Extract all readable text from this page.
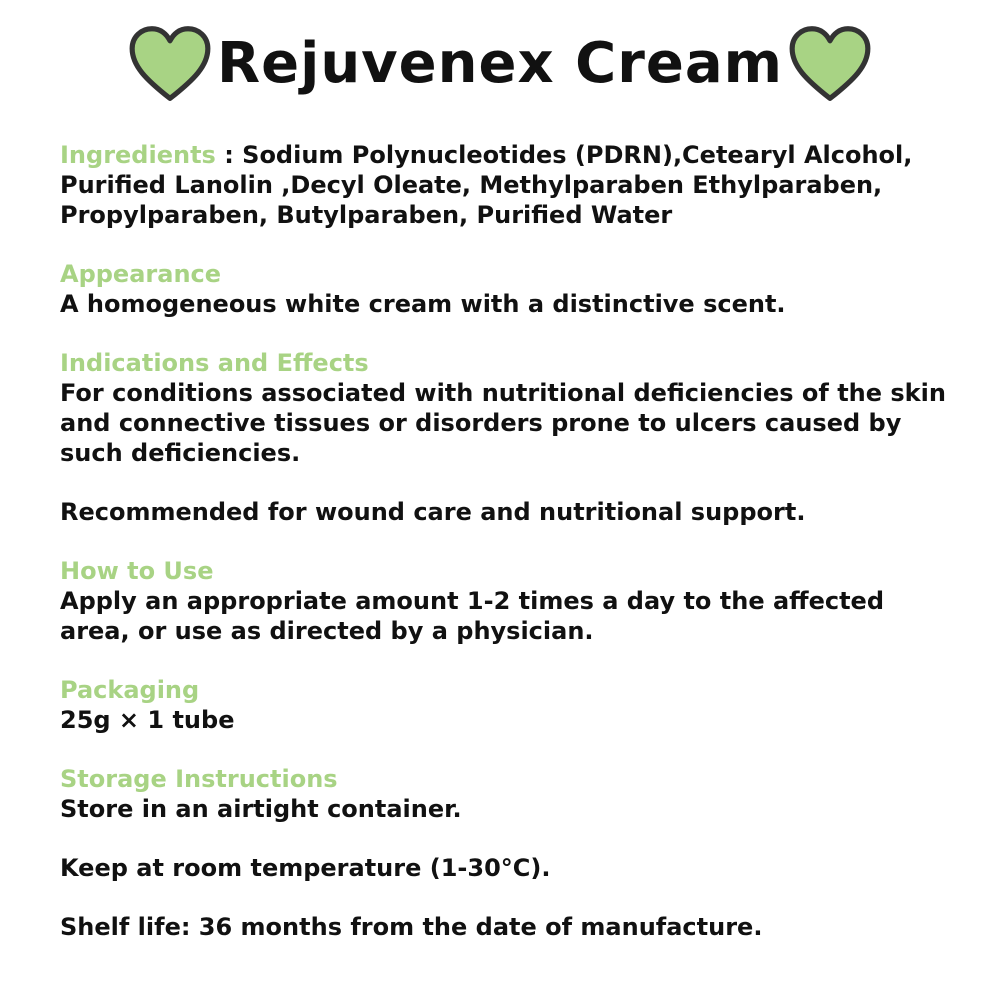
Rejuvenex Cream
Ingredients : Sodium Polynucleotides (PDRN),Cetearyl Alcohol, Purified Lanolin ,Decyl Oleate, Methylparaben Ethylparaben, Propylparaben, Butylparaben, Purified Water
Appearance

A homogeneous white cream with a distinctive scent.

Indications and Effects

For conditions associated with nutritional deficiencies of the skin and connective tissues or disorders prone to ulcers caused by such deficiencies.

Recommended for wound care and nutritional support.

How to Use

Apply an appropriate amount 1-2 times a day to the affected area, or use as directed by a physician.

Packaging

25g × 1 tube

Storage Instructions

Store in an airtight container.

Keep at room temperature (1-30°C).

Shelf life: 36 months from the date of manufacture.
